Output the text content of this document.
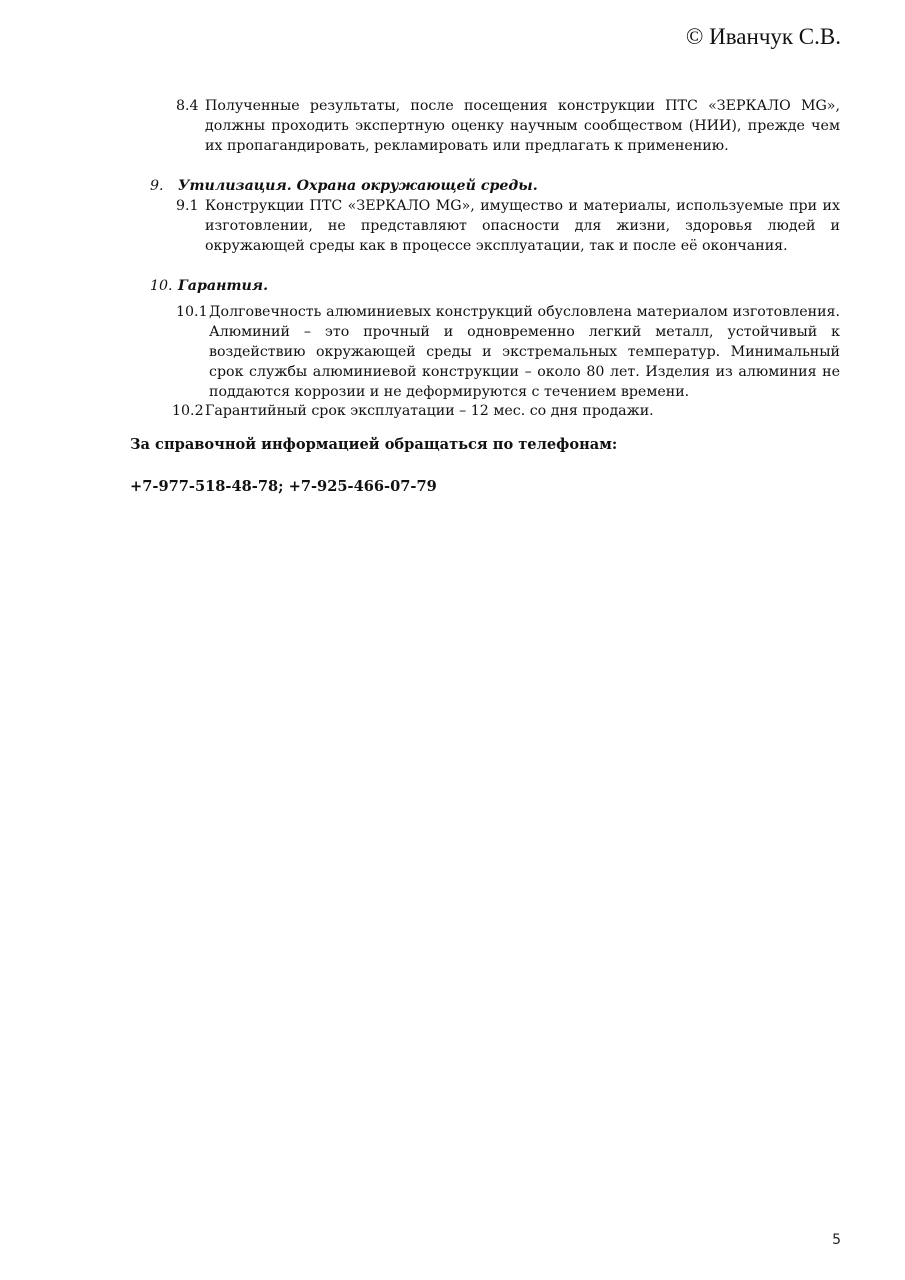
© Иванчук С.В.
8.4 Полученные результаты, после посещения конструкции ПТС «ЗЕРКАЛО MG», должны проходить экспертную оценку научным сообществом (НИИ), прежде чем их пропагандировать, рекламировать или предлагать к применению.
9. Утилизация. Охрана окружающей среды.
9.1 Конструкции ПТС «ЗЕРКАЛО MG», имущество и материалы, используемые при их изготовлении, не представляют опасности для жизни, здоровья людей и окружающей среды как в процессе эксплуатации, так и после её окончания.
10. Гарантия.
10.1 Долговечность алюминиевых конструкций обусловлена материалом изготовления. Алюминий – это прочный и одновременно легкий металл, устойчивый к воздействию окружающей среды и экстремальных температур. Минимальный срок службы алюминиевой конструкции – около 80 лет. Изделия из алюминия не поддаются коррозии и не деформируются с течением времени.
10.2 Гарантийный срок эксплуатации – 12 мес. со дня продажи.
За справочной информацией обращаться по телефонам:
+7-977-518-48-78; +7-925-466-07-79
5
